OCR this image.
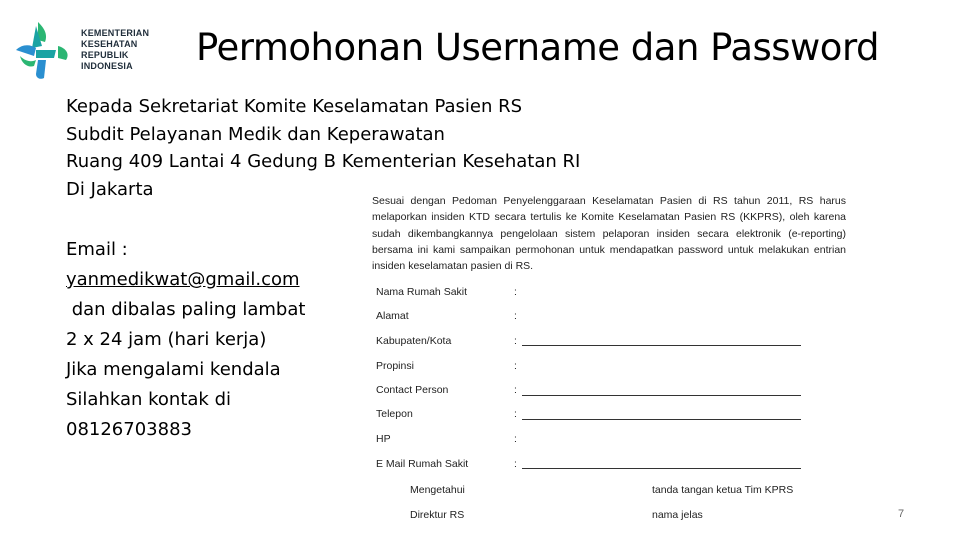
KEMENTERIAN
KESEHATAN
REPUBLIK
INDONESIA	Permohonan Username dan Password
Kepada Sekretariat Komite Keselamatan Pasien RS
Subdit Pelayanan Medik dan Keperawatan
Ruang 409 Lantai 4 Gedung B Kementerian Kesehatan RI
Di Jakarta
Email :
yanmedikwat@gmail.com
dan dibalas paling lambat
2 x 24 jam (hari kerja)
Jika mengalami kendala
Silahkan kontak di
08126703883
Sesuai dengan Pedoman Penyelenggaraan Keselamatan Pasien di RS tahun 2011, RS harus melaporkan insiden KTD secara tertulis ke Komite Keselamatan Pasien RS (KKPRS), oleh karena sudah dikembangkannya pengelolaan sistem pelaporan insiden secara elektronik (e-reporting) bersama ini kami sampaikan permohonan untuk mendapatkan password untuk melakukan entrian insiden keselamatan pasien di RS.
Nama Rumah Sakit	:
Alamat	:
Kabupaten/Kota	:
Propinsi	:
Contact Person	:
Telepon	:
HP	:
E Mail Rumah Sakit	:
Mengetahui	tanda tangan ketua Tim KPRS
Direktur RS	nama jelas	7
